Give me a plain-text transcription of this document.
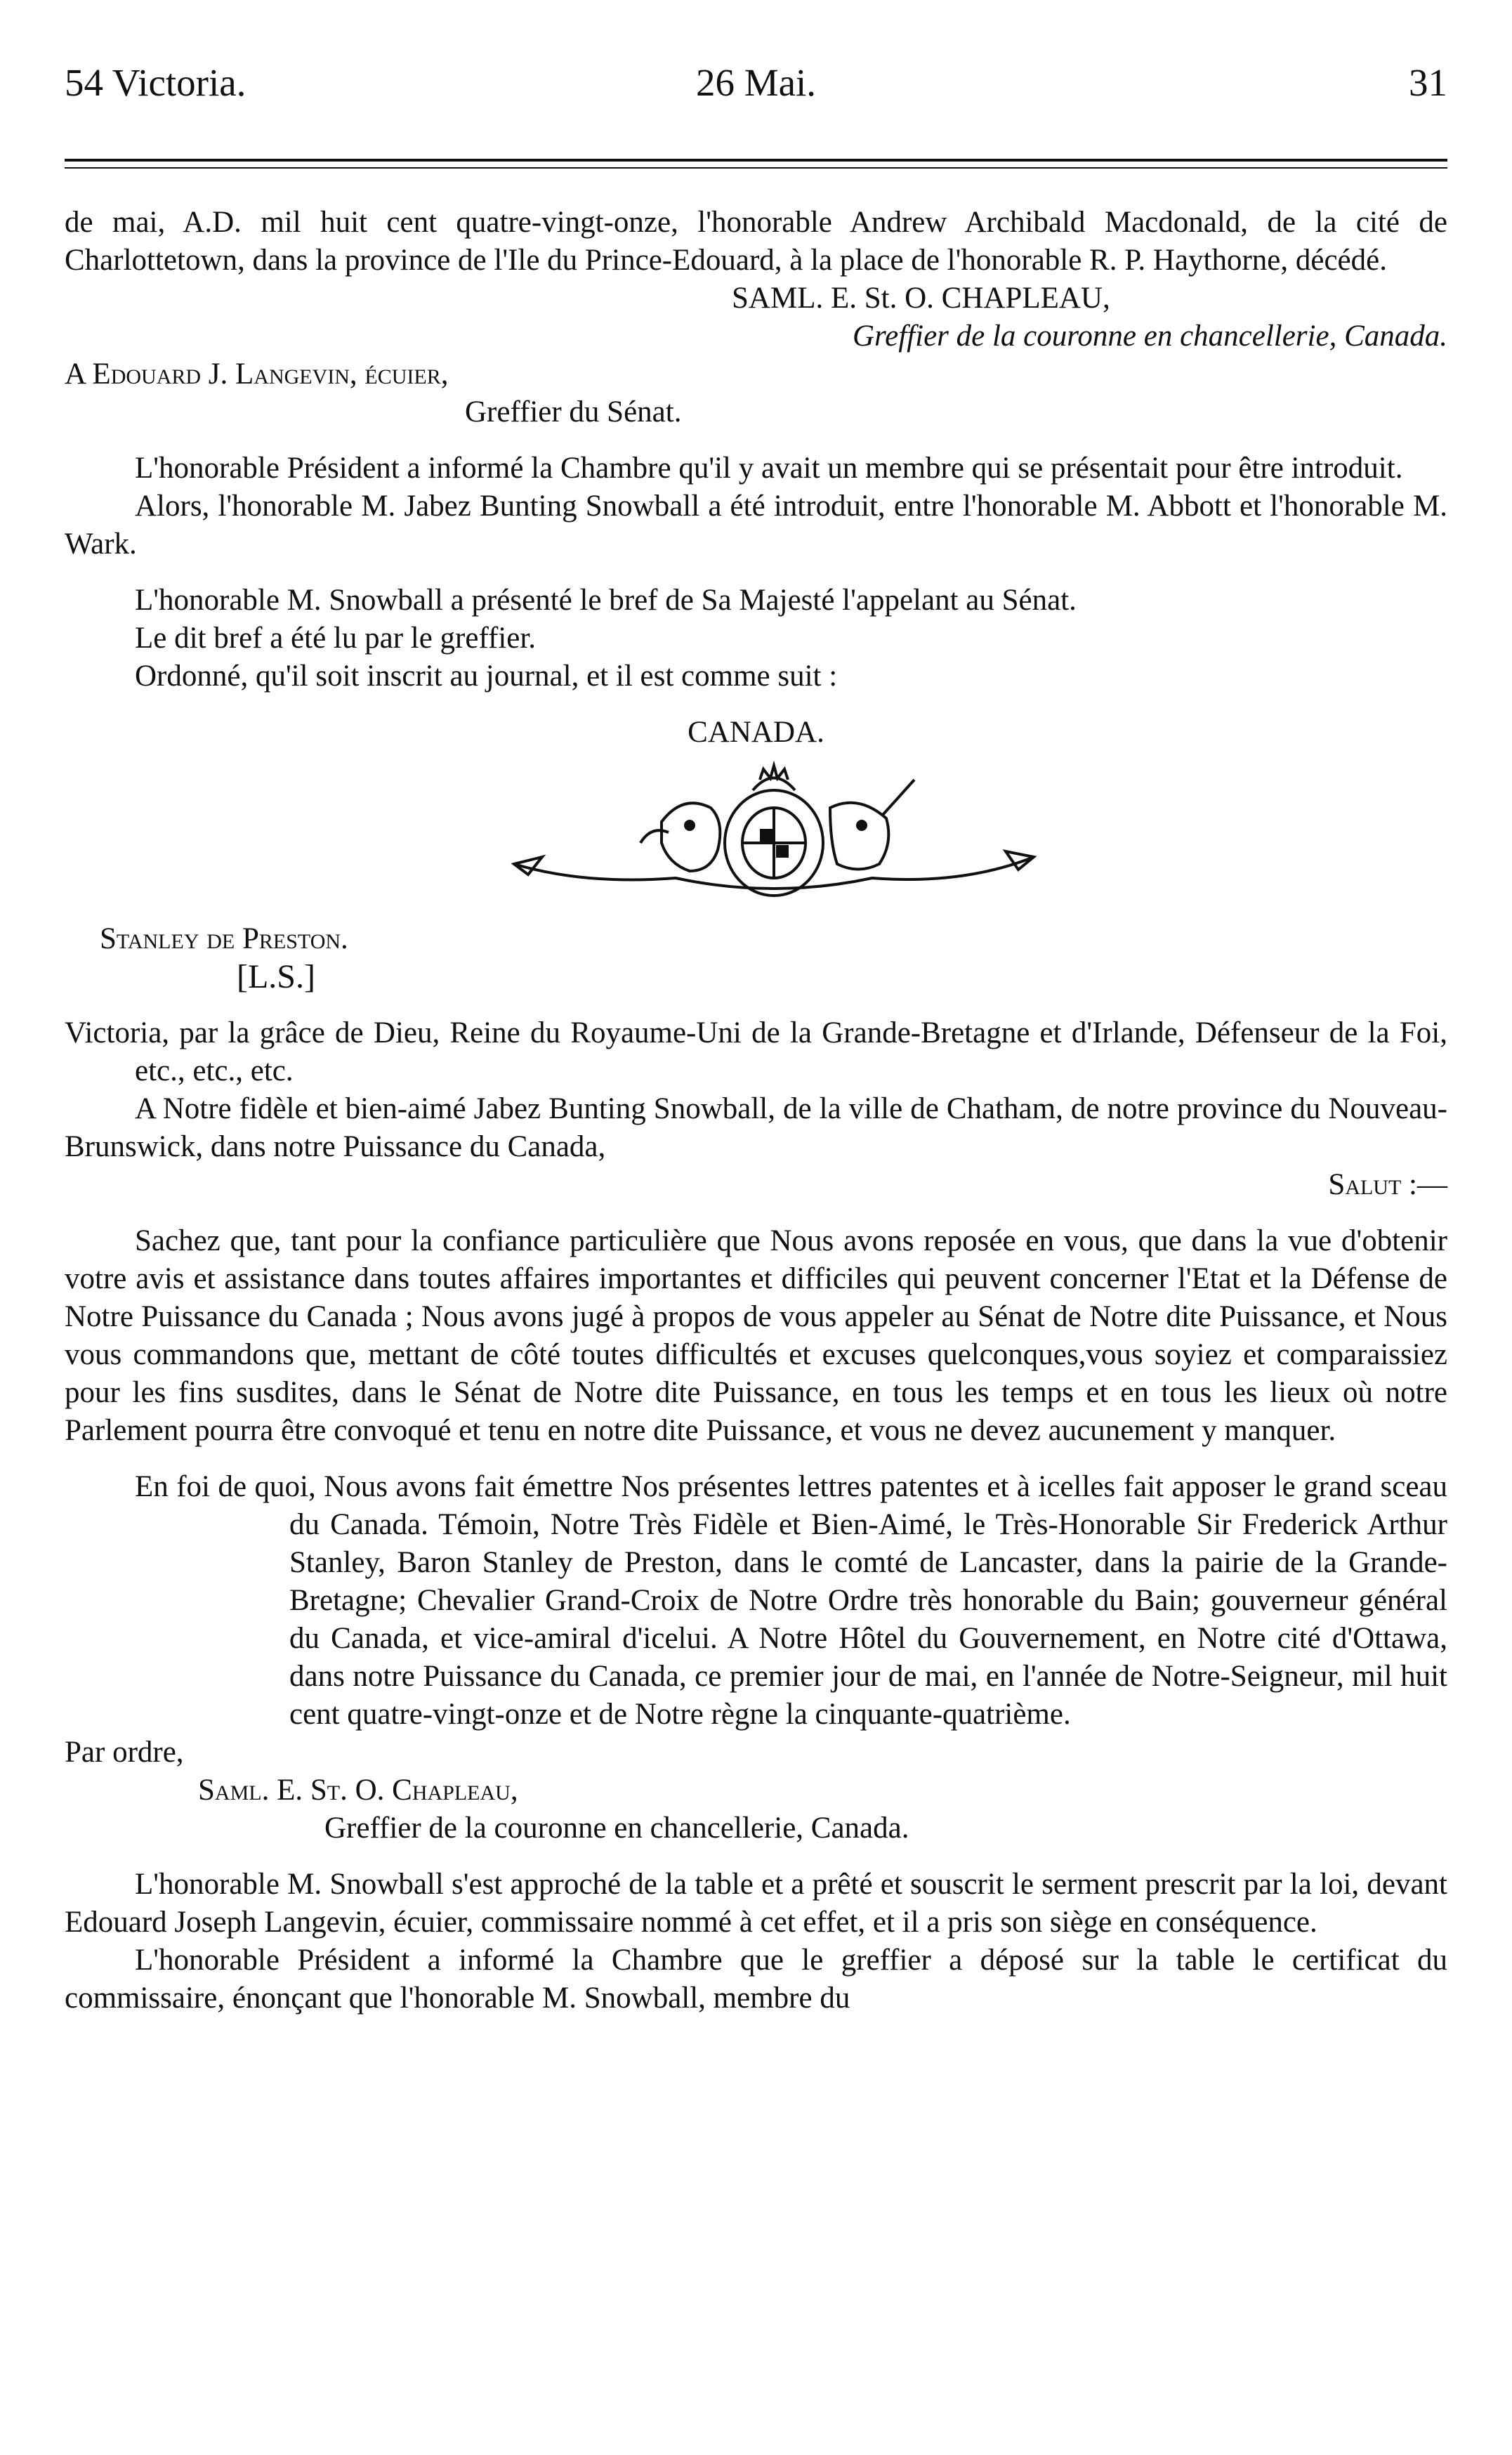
54 Victoria.	26 Mai.	31

de mai, A.D. mil huit cent quatre-vingt-onze, l'honorable Andrew Archibald Macdonald, de la cité de Charlottetown, dans la province de l'Ile du Prince-Edouard, à la place de l'honorable R. P. Haythorne, décédé.

SAML. E. St. O. CHAPLEAU,

Greffier de la couronne en chancellerie, Canada.

A Edouard J. Langevin, écuier,

Greffier du Sénat.

L'honorable Président a informé la Chambre qu'il y avait un membre qui se présentait pour être introduit.

Alors, l'honorable M. Jabez Bunting Snowball a été introduit, entre l'honorable M. Abbott et l'honorable M. Wark.

L'honorable M. Snowball a présenté le bref de Sa Majesté l'appelant au Sénat.

Le dit bref a été lu par le greffier.

Ordonné, qu'il soit inscrit au journal, et il est comme suit :

CANADA.

Stanley de Preston.

[L.S.]

Victoria, par la grâce de Dieu, Reine du Royaume-Uni de la Grande-Bretagne et d'Irlande, Défenseur de la Foi, etc., etc., etc.

A Notre fidèle et bien-aimé Jabez Bunting Snowball, de la ville de Chatham, de notre province du Nouveau-Brunswick, dans notre Puissance du Canada,

Salut :—

Sachez que, tant pour la confiance particulière que Nous avons reposée en vous, que dans la vue d'obtenir votre avis et assistance dans toutes affaires importantes et difficiles qui peuvent concerner l'Etat et la Défense de Notre Puissance du Canada ; Nous avons jugé à propos de vous appeler au Sénat de Notre dite Puissance, et Nous vous commandons que, mettant de côté toutes difficultés et excuses quelconques,vous soyiez et comparaissiez pour les fins susdites, dans le Sénat de Notre dite Puissance, en tous les temps et en tous les lieux où notre Parlement pourra être convoqué et tenu en notre dite Puissance, et vous ne devez aucunement y manquer.

En foi de quoi, Nous avons fait émettre Nos présentes lettres patentes et à icelles fait apposer le grand sceau du Canada. Témoin, Notre Très Fidèle et Bien-Aimé, le Très-Honorable Sir Frederick Arthur Stanley, Baron Stanley de Preston, dans le comté de Lancaster, dans la pairie de la Grande-Bretagne; Chevalier Grand-Croix de Notre Ordre très honorable du Bain; gouverneur général du Canada, et vice-amiral d'icelui. A Notre Hôtel du Gouvernement, en Notre cité d'Ottawa, dans notre Puissance du Canada, ce premier jour de mai, en l'année de Notre-Seigneur, mil huit cent quatre-vingt-onze et de Notre règne la cinquante-quatrième.

Par ordre,

Saml. E. St. O. Chapleau,

Greffier de la couronne en chancellerie, Canada.

L'honorable M. Snowball s'est approché de la table et a prêté et souscrit le serment prescrit par la loi, devant Edouard Joseph Langevin, écuier, commissaire nommé à cet effet, et il a pris son siège en conséquence.

L'honorable Président a informé la Chambre que le greffier a déposé sur la table le certificat du commissaire, énonçant que l'honorable M. Snowball, membre du
